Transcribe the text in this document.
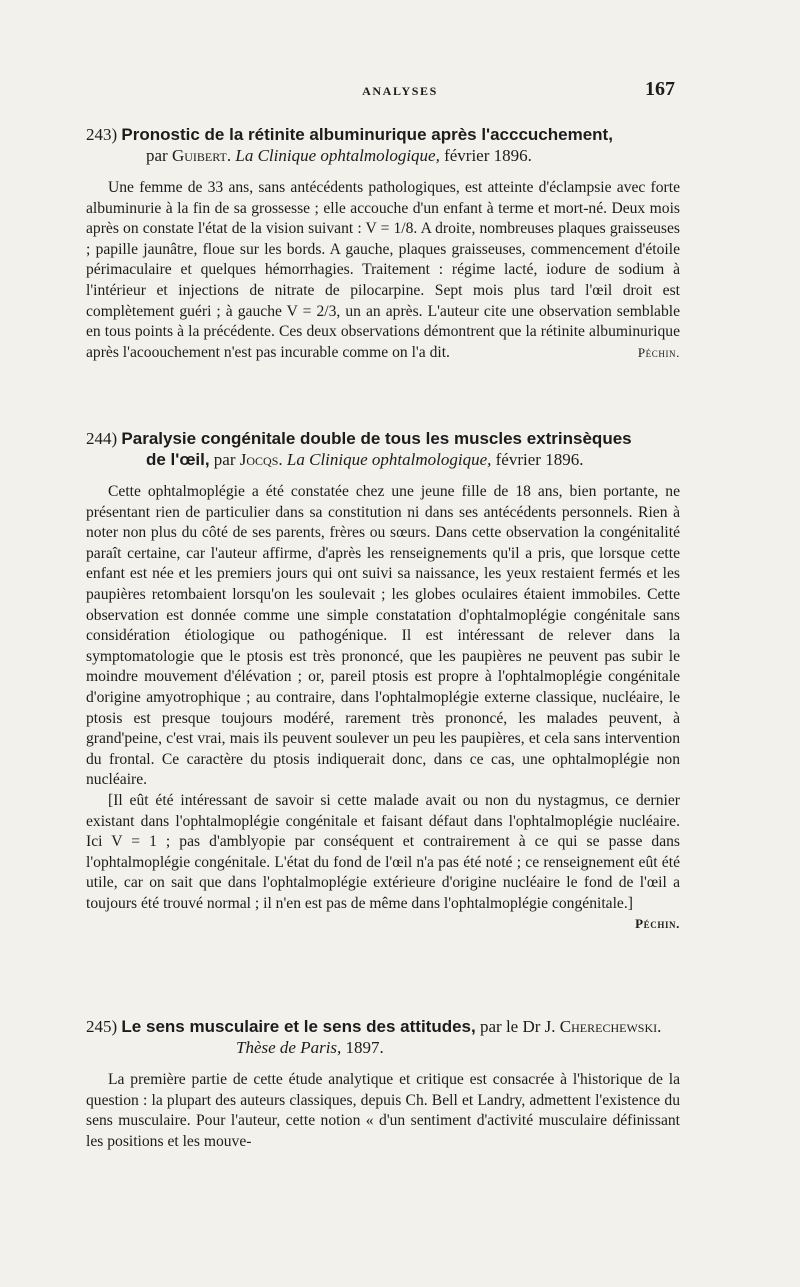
ANALYSES	167

243) Pronostic de la rétinite albuminurique après l'acccuchement,
par Guibert. La Clinique ophtalmologique, février 1896.

Une femme de 33 ans, sans antécédents pathologiques, est atteinte d'éclampsie avec forte albuminurie à la fin de sa grossesse ; elle accouche d'un enfant à terme et mort-né. Deux mois après on constate l'état de la vision suivant : V = 1/8. A droite, nombreuses plaques graisseuses ; papille jaunâtre, floue sur les bords. A gauche, plaques graisseuses, commencement d'étoile périmaculaire et quelques hémorrhagies. Traitement : régime lacté, iodure de sodium à l'intérieur et injections de nitrate de pilocarpine. Sept mois plus tard l'œil droit est complètement guéri ; à gauche V = 2/3, un an après. L'auteur cite une observation semblable en tous points à la précédente. Ces deux observations démontrent que la rétinite albuminurique après l'acoouchement n'est pas incurable comme on l'a dit.	Péchin.

244) Paralysie congénitale double de tous les muscles extrinsèques
de l'œil, par Jocqs. La Clinique ophtalmologique, février 1896.

Cette ophtalmoplégie a été constatée chez une jeune fille de 18 ans, bien portante, ne présentant rien de particulier dans sa constitution ni dans ses antécédents personnels. Rien à noter non plus du côté de ses parents, frères ou sœurs. Dans cette observation la congénitalité paraît certaine, car l'auteur affirme, d'après les renseignements qu'il a pris, que lorsque cette enfant est née et les premiers jours qui ont suivi sa naissance, les yeux restaient fermés et les paupières retombaient lorsqu'on les soulevait ; les globes oculaires étaient immobiles. Cette observation est donnée comme une simple constatation d'ophtalmoplégie congénitale sans considération étiologique ou pathogénique. Il est intéressant de relever dans la symptomatologie que le ptosis est très prononcé, que les paupières ne peuvent pas subir le moindre mouvement d'élévation ; or, pareil ptosis est propre à l'ophtalmoplégie congénitale d'origine amyotrophique ; au contraire, dans l'ophtalmoplégie externe classique, nucléaire, le ptosis est presque toujours modéré, rarement très prononcé, les malades peuvent, à grand'peine, c'est vrai, mais ils peuvent soulever un peu les paupières, et cela sans intervention du frontal. Ce caractère du ptosis indiquerait donc, dans ce cas, une ophtalmoplégie non nucléaire.

[Il eût été intéressant de savoir si cette malade avait ou non du nystagmus, ce dernier existant dans l'ophtalmoplégie congénitale et faisant défaut dans l'ophtalmoplégie nucléaire. Ici V = 1 ; pas d'amblyopie par conséquent et contrairement à ce qui se passe dans l'ophtalmoplégie congénitale. L'état du fond de l'œil n'a pas été noté ; ce renseignement eût été utile, car on sait que dans l'ophtalmoplégie extérieure d'origine nucléaire le fond de l'œil a toujours été trouvé normal ; il n'en est pas de même dans l'ophtalmoplégie congénitale.]

Péchin.

245) Le sens musculaire et le sens des attitudes, par le Dr J. Cherechewski.
Thèse de Paris, 1897.

La première partie de cette étude analytique et critique est consacrée à l'historique de la question : la plupart des auteurs classiques, depuis Ch. Bell et Landry, admettent l'existence du sens musculaire. Pour l'auteur, cette notion « d'un sentiment d'activité musculaire définissant les positions et les mouve-
